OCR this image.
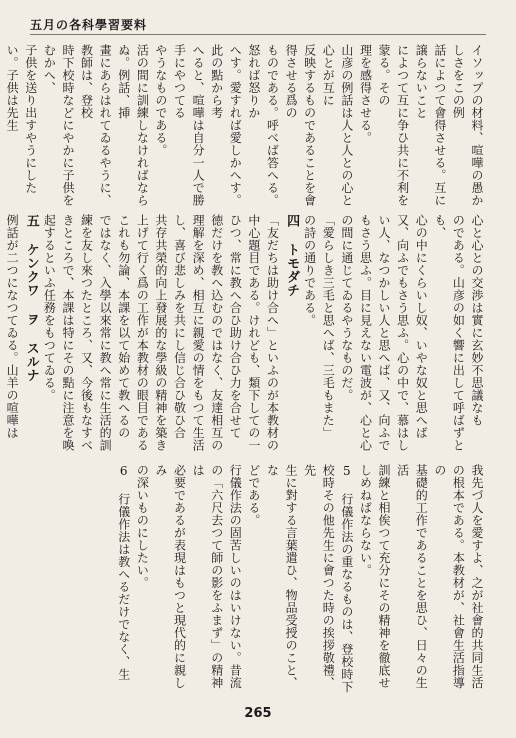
五月の各科學習要料
イソップの材料、喧嘩の愚かしさをこの例
話によつて會得させる。互に譲らないこと
によつて互に争ひ共に不利を蒙る。その
理を感得させる。
山彦の例話は人と人との心と心とが互に
反映するものであることを會得させる爲の
ものである。呼べば答へる。怒れば怒りか
へす。愛すれば愛しかへす。此の點から考
へると、喧嘩は自分一人で勝手にやつてる
やうなものである。
活の間に訓練しなければならぬ。例話、挿
畫にあらはれてゐるやうに、教師は、登校
時下校時などにやかに子供をむかへ、
子供を送り出すやうにしたい。子供は先生
心と心との交渉は實に玄妙不思議なも
のである。山彦の如く響に出して呼ばずとも、
心の中にくらいし奴、いやな奴と思へば
又、向ふでもさう思ふ。心の中で、慕はし
い人、なつかしい人と思へば、又、向ふで
もさう思ふ。目に見えない電波が、心と心
の間に通じてゐるやうなものだ。
「愛らしき三毛と思へば、三毛もまた」
の詩の通りである。
四 トモダチ
「友だちは助け合へ」といふのが本教材の
中心題目である。けれども、類下しての一
ひつ、常に教へ合ひ助け合ひ力を合せて
徳だけを教へ込むのではなく、友達相互の
理解を深め、相互に親愛の情をもつて生活
し、喜び悲しみを共にし信じ合ひ敬ひ合
共存共榮的向上發展的な學級の精神を築き
上げて行く爲の工作が本教材の眼目である
これも勿論、本課を以て始めて教へるの
ではなく、入學以來常に教へ常に生活的訓
練を友し來つたところ、又、今後もなすべ
きところで、本課は特にその點に注意を喚
起するといふ任務をもつてゐる。
五 ケンクワ ヲ スルナ
例話が二つになつてゐる。山羊の喧嘩は
我先づ人を愛すよ、之が社會的共同生活
の根本である。本教材が、社會生活指導の
基礎的工作であることを思ひ、日々の生活
訓練と相俟つて充分にその精神を徹底せ
しめねばならない。
5 行儀作法の重なるものは、登校時下
校時その他先生に會つた時の挨拶敬禮、先
生に對する言葉遣ひ、物品受授のこと、な
どである。
行儀作法の固苦しいのはいけない。昔流
の「六尺去つて師の影をふまず」の精神は
必要であるが表現はもつと現代的に親しみ
の深いものにしたい。
6 行儀作法は教へるだけでなく、生
265
